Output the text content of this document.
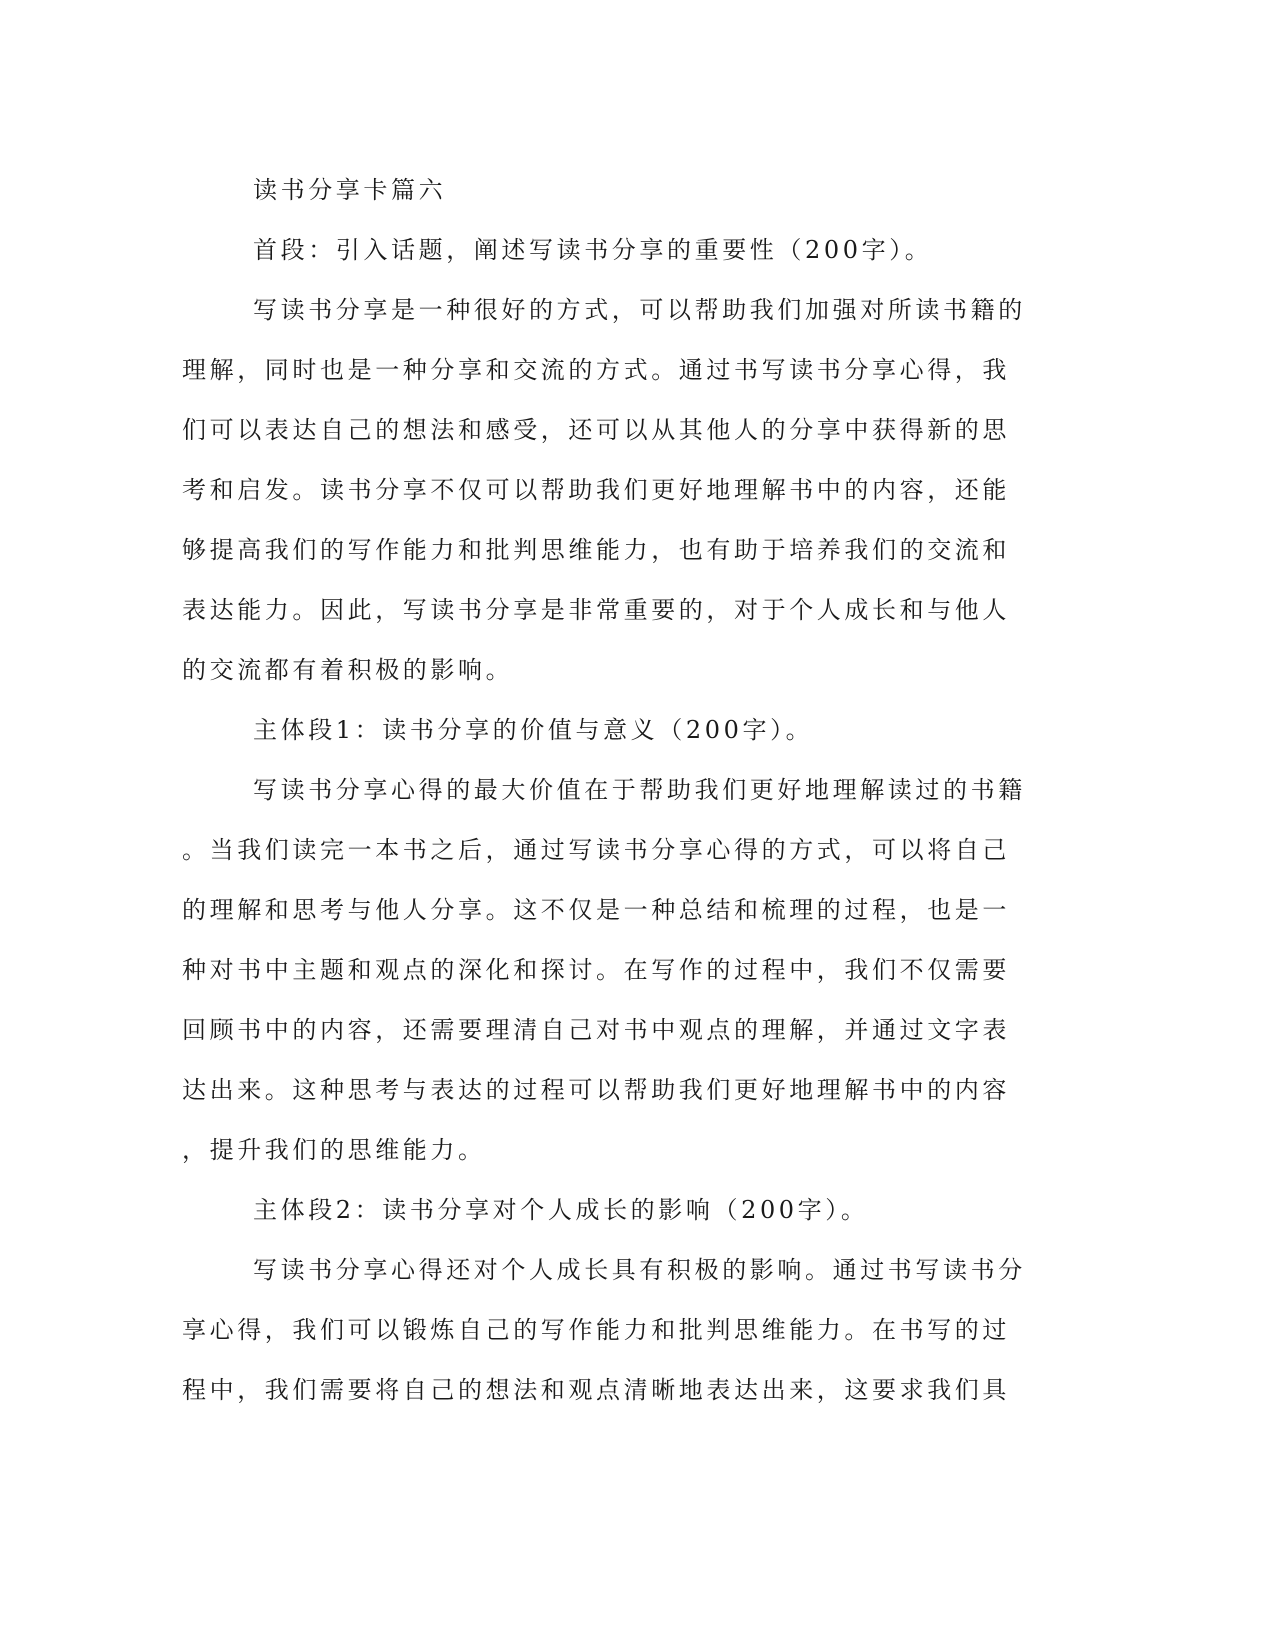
读书分享卡篇六
首段：引入话题，阐述写读书分享的重要性（200字）。
写读书分享是一种很好的方式，可以帮助我们加强对所读书籍的
理解，同时也是一种分享和交流的方式。通过书写读书分享心得，我
们可以表达自己的想法和感受，还可以从其他人的分享中获得新的思
考和启发。读书分享不仅可以帮助我们更好地理解书中的内容，还能
够提高我们的写作能力和批判思维能力，也有助于培养我们的交流和
表达能力。因此，写读书分享是非常重要的，对于个人成长和与他人
的交流都有着积极的影响。
主体段1：读书分享的价值与意义（200字）。
写读书分享心得的最大价值在于帮助我们更好地理解读过的书籍
。当我们读完一本书之后，通过写读书分享心得的方式，可以将自己
的理解和思考与他人分享。这不仅是一种总结和梳理的过程，也是一
种对书中主题和观点的深化和探讨。在写作的过程中，我们不仅需要
回顾书中的内容，还需要理清自己对书中观点的理解，并通过文字表
达出来。这种思考与表达的过程可以帮助我们更好地理解书中的内容
，提升我们的思维能力。
主体段2：读书分享对个人成长的影响（200字）。
写读书分享心得还对个人成长具有积极的影响。通过书写读书分
享心得，我们可以锻炼自己的写作能力和批判思维能力。在书写的过
程中，我们需要将自己的想法和观点清晰地表达出来，这要求我们具
